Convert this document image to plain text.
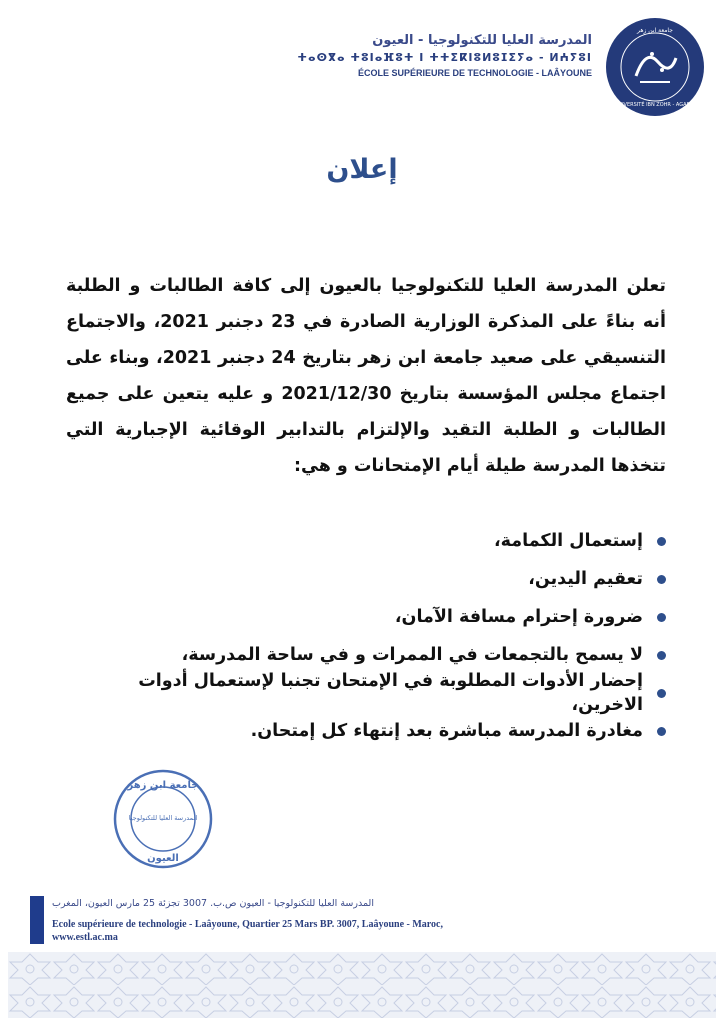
المدرسة العليا للتكنولوجيا - العيون
ⵜⴰⵙⴳⴰ ⵜⵓⵏⴰⴼⵓⵜ ⵏ ⵜⵜⵉⴽⵏⵓⵍⵓⵊⵉⵢⴰ - ⵍⵄⵢⵓⵏ
ÉCOLE SUPÉRIEURE DE TECHNOLOGIE - LAÂYOUNE
UNIVERSITÉ IBN ZOHR - AGADIR
جامعة ابن زهر
إعلان

تعلن المدرسة العليا للتكنولوجيا بالعيون إلى كافة الطالبات و الطلبة أنه بناءً على المذكرة الوزارية الصادرة في 23 دجنبر 2021، والاجتماع التنسيقي على صعيد جامعة ابن زهر بتاريخ 24 دجنبر 2021، وبناء على اجتماع مجلس المؤسسة بتاريخ 2021/12/30 و عليه يتعين على جميع الطالبات و الطلبة التقيد والإلتزام بالتدابير الوقائية الإجبارية التي تتخذها المدرسة طيلة أيام الإمتحانات و هي:

إستعمال الكمامة،
تعقيم اليدين،
ضرورة إحترام مسافة الآمان،
لا يسمح بالتجمعات في الممرات و في ساحة المدرسة،
إحضار الأدوات المطلوبة في الإمتحان تجنبا لإستعمال أدوات الاخرين،
مغادرة المدرسة مباشرة بعد إنتهاء كل إمتحان.
جامعة ابن زهر
المدرسة العليا للتكنولوجيا
العيون
المدرسة العليا للتكنولوجيا - العيون ص.ب. 3007 تجزئة 25 مارس العيون، المغرب
Ecole supérieure de technologie - Laâyoune, Quartier 25 Mars BP. 3007, Laâyoune - Maroc,
www.estl.ac.ma
